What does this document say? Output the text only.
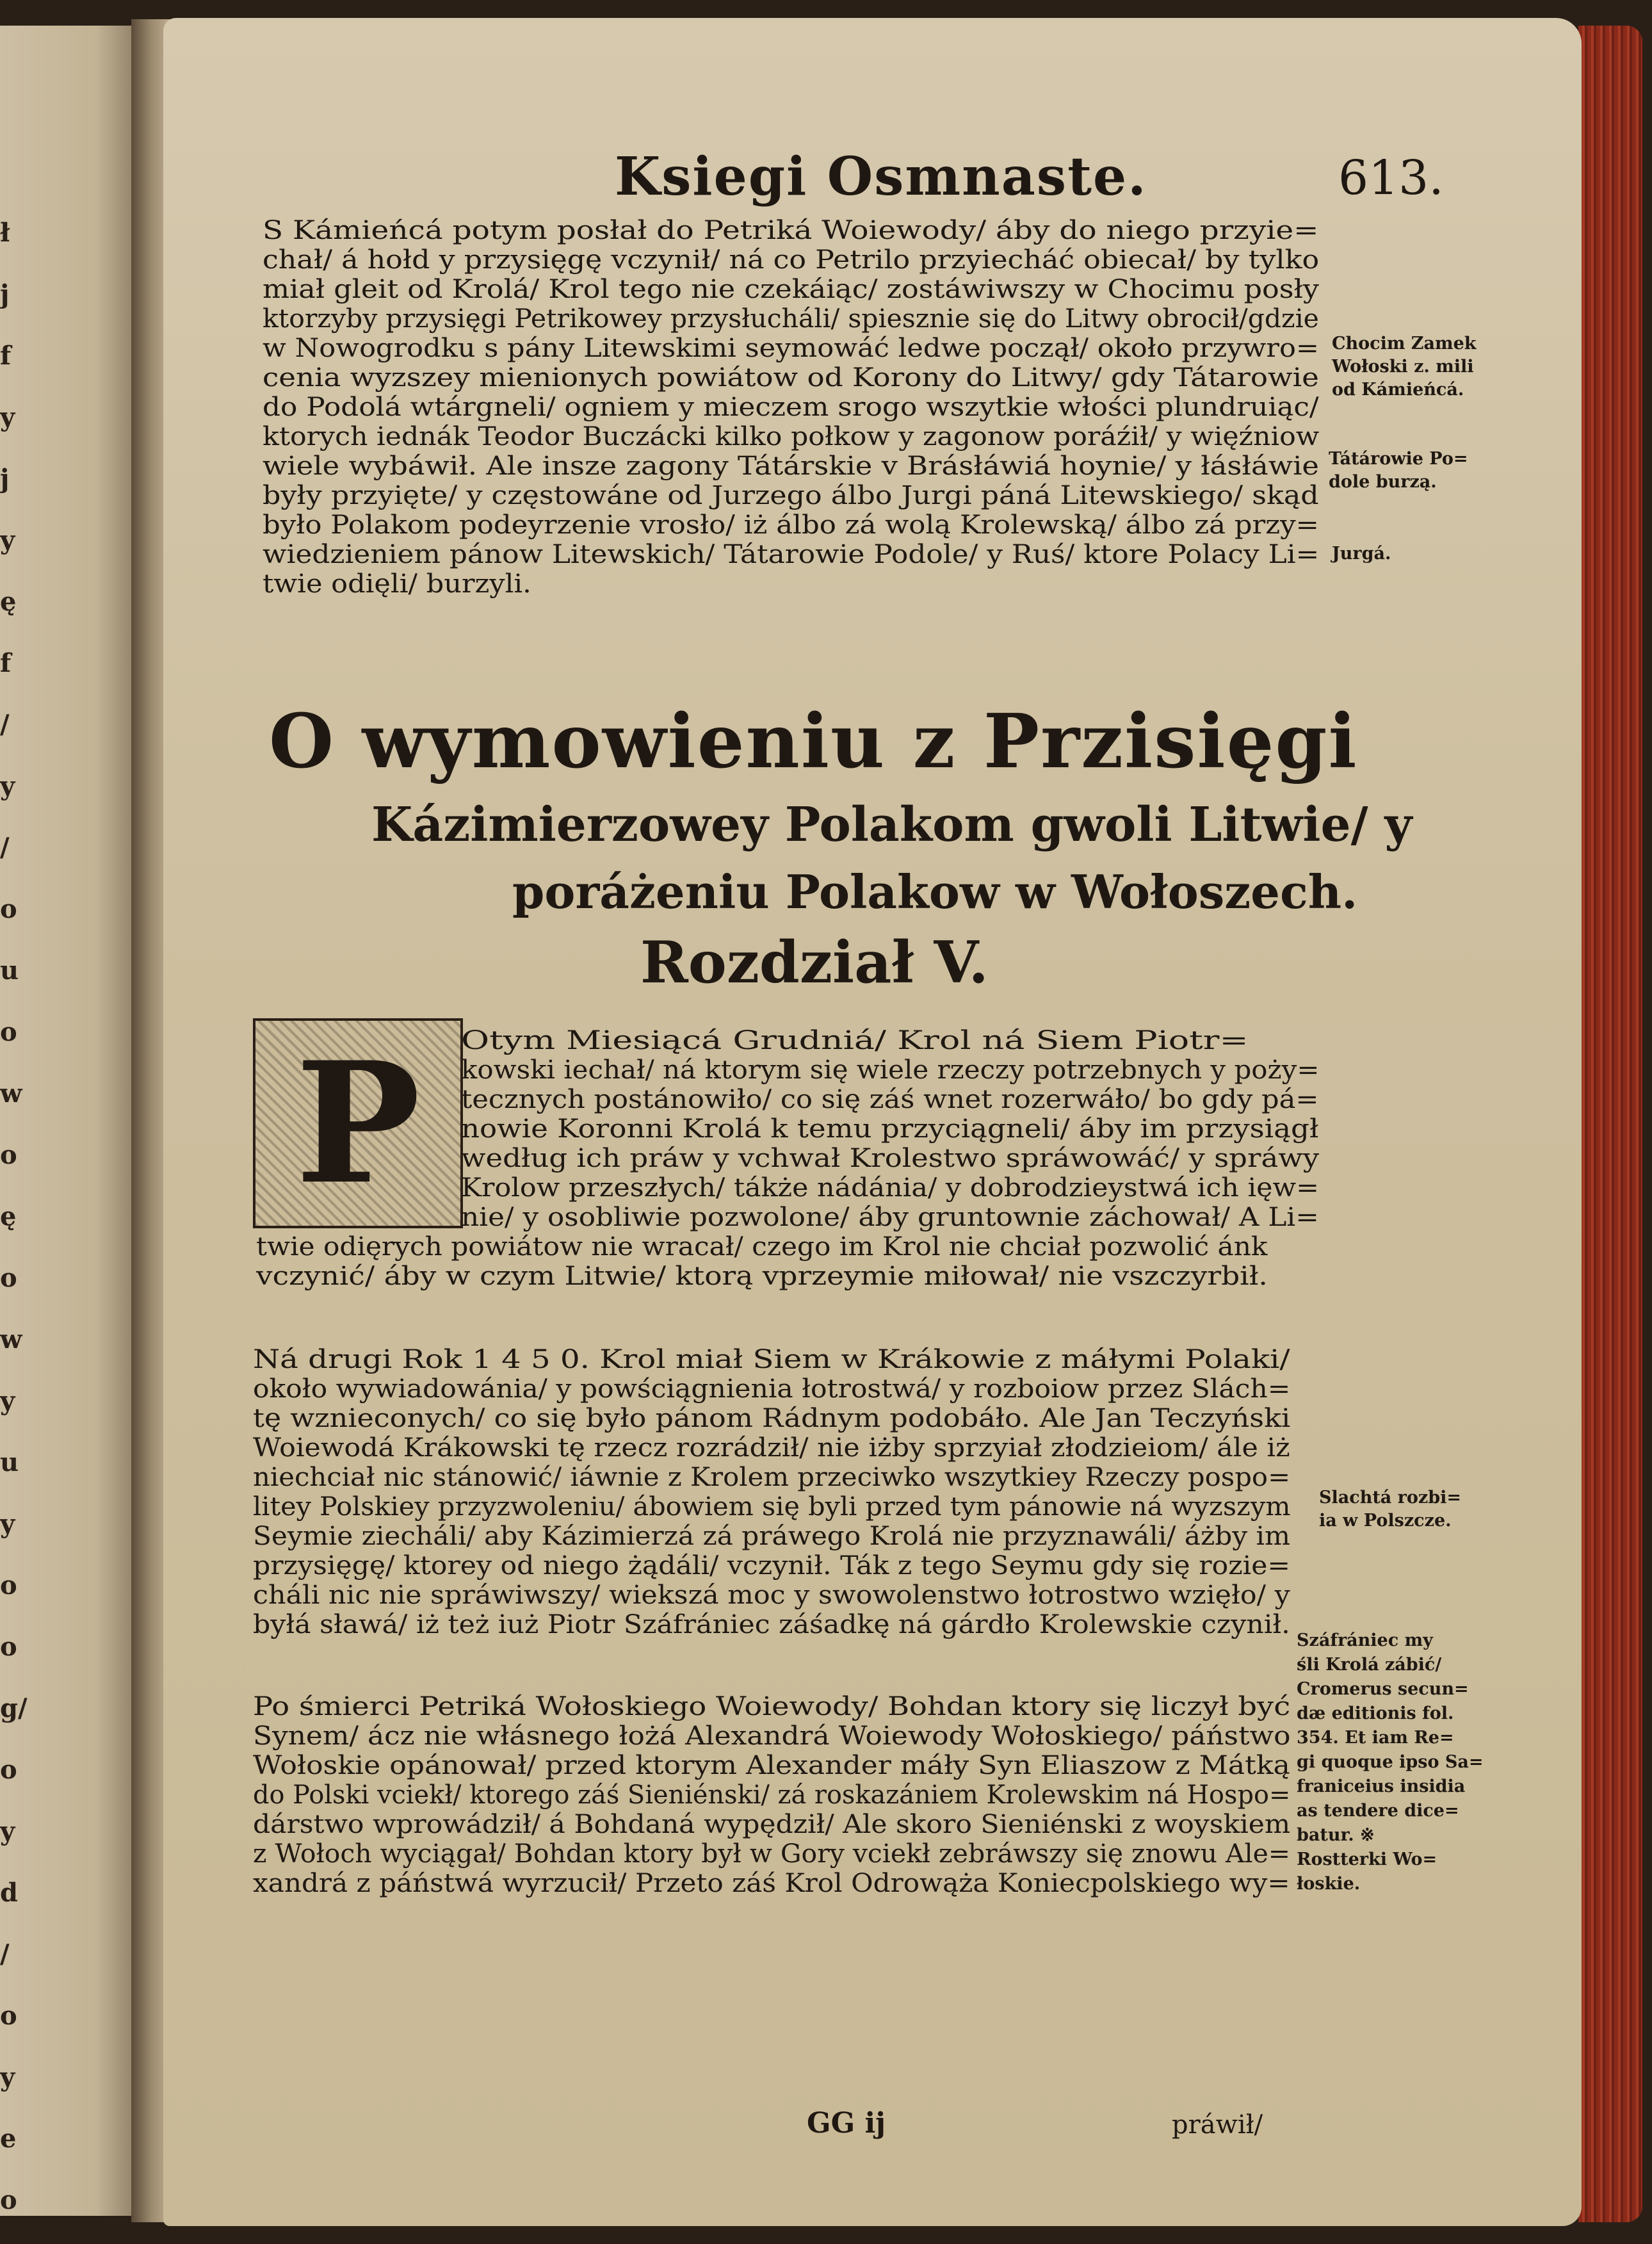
ł
j
f
y
j
y
ę
f
/
y
/
o
u
o
w
o
ę
o
w
y
u
y
o
o
g/
o
y
d
/
o
y
e
o
Ksiegi Osmnaste.	613.
S Kámieńcá potym posłał do Petriká Woiewody/ áby do niego przyie=
chał/ á hołd y przysięgę vczynił/ ná co Petrilo przyiecháć obiecał/ by tylko
miał gleit od Krolá/ Krol tego nie czekáiąc/ zostáwiwszy w Chocimu posły
ktorzyby przysięgi Petrikowey przysłucháli/ spiesznie się do Litwy obrocił/gdzie
w Nowogrodku s pány Litewskimi seymowáć ledwe począł/ około przywro=
cenia wyzszey mienionych powiátow od Korony do Litwy/ gdy Tátarowie
do Podolá wtárgneli/ ogniem y mieczem srogo wszytkie włości plundruiąc/
ktorych iednák Teodor Buczácki kilko połkow y zagonow poráźił/ y więźniow
wiele wybáwił. Ale insze zagony Tátárskie v Brásłáwiá hoynie/ y łásłáwie
były przyięte/ y częstowáne od Jurzego álbo Jurgi páná Litewskiego/ skąd
było Polakom podeyrzenie vrosło/ iż álbo zá wolą Krolewską/ álbo zá przy=
wiedzieniem pánow Litewskich/ Tátarowie Podole/ y Ruś/ ktore Polacy Li=
twie odięli/ burzyli.
Chocim Zamek
Wołoski z. mili
od Kámieńcá.
Tátárowie Po=
dole burzą.
Jurgá.
O wymowieniu z Przisięgi
Kázimierzowey Polakom gwoli Litwie/ y
poráżeniu Polakow w Wołoszech.
Rozdział V.
P	Otym Miesiącá Grudniá/ Krol ná Siem Piotr=
kowski iechał/ ná ktorym się wiele rzeczy potrzebnych y poży=
tecznych postánowiło/ co się záś wnet rozerwáło/ bo gdy pá=
nowie Koronni Krolá k temu przyciągneli/ áby im przysiągł
według ich práw y vchwał Krolestwo spráwowáć/ y spráwy
Krolow przeszłych/ tákże nádánia/ y dobrodzieystwá ich ięw=
nie/ y osobliwie pozwolone/ áby gruntownie záchował/ A Li=
twie odięrych powiátow nie wracał/ czego im Krol nie chciał pozwolić ánk
vczynić/ áby w czym Litwie/ ktorą vprzeymie miłował/ nie vszczyrbił.
Ná drugi Rok 1 4 5 0. Krol miał Siem w Krákowie z máłymi Polaki/
około wywiadowánia/ y powściągnienia łotrostwá/ y rozboiow przez Slách=
tę wznieconych/ co się było pánom Rádnym podobáło. Ale Jan Teczyński
Woiewodá Krákowski tę rzecz rozrádził/ nie iżby sprzyiał złodzieiom/ ále iż
niechciał nic stánowić/ iáwnie z Krolem przeciwko wszytkiey Rzeczy pospo=
litey Polskiey przyzwoleniu/ ábowiem się byli przed tym pánowie ná wyzszym
Seymie ziecháli/ aby Kázimierzá zá práwego Krolá nie przyznawáli/ áżby im
przysięgę/ ktorey od niego żądáli/ vczynił. Ták z tego Seymu gdy się rozie=
cháli nic nie spráwiwszy/ wiekszá moc y swowolenstwo łotrostwo wzięło/ y
byłá sławá/ iż też iuż Piotr Száfrániec záśadkę ná gárdło Krolewskie czynił.
Slachtá rozbi=
ia w Polszcze.
Száfrániec my
śli Krolá zábić/
Cromerus secun=
dæ editionis fol.
354. Et iam Re=
gi quoque ipso Sa=
franiceius insidia
as tendere dice=
batur. ※
Rostterki Wo=
łoskie.
Po śmierci Petriká Wołoskiego Woiewody/ Bohdan ktory się liczył być
Synem/ ácz nie włásnego łożá Alexandrá Woiewody Wołoskiego/ páństwo
Wołoskie opánował/ przed ktorym Alexander máły Syn Eliaszow z Mátką
do Polski vciekł/ ktorego záś Sieniénski/ zá roskazániem Krolewskim ná Hospo=
dárstwo wprowádził/ á Bohdaná wypędził/ Ale skoro Sieniénski z woyskiem
z Wołoch wyciągał/ Bohdan ktory był w Gory vciekł zebráwszy się znowu Ale=
xandrá z páństwá wyrzucił/ Przeto záś Krol Odrowąża Koniecpolskiego wy=
GG ij	práwił/
